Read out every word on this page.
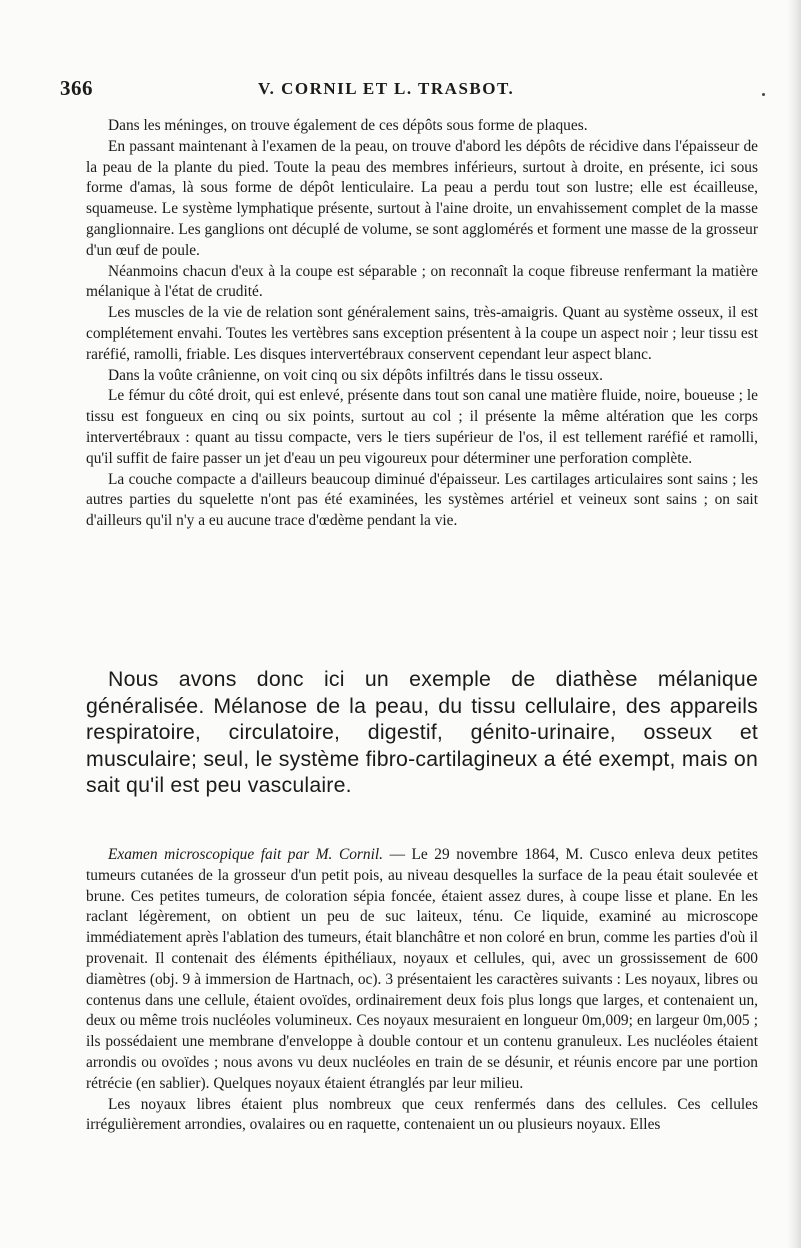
366	V. CORNIL ET L. TRASBOT.

Dans les méninges, on trouve également de ces dépôts sous forme de plaques.

En passant maintenant à l'examen de la peau, on trouve d'abord les dépôts de récidive dans l'épaisseur de la peau de la plante du pied. Toute la peau des membres inférieurs, surtout à droite, en présente, ici sous forme d'amas, là sous forme de dépôt lenticulaire. La peau a perdu tout son lustre; elle est écailleuse, squameuse. Le système lymphatique présente, surtout à l'aine droite, un envahissement complet de la masse ganglionnaire. Les ganglions ont décuplé de volume, se sont agglomérés et forment une masse de la grosseur d'un œuf de poule.

Néanmoins chacun d'eux à la coupe est séparable ; on reconnaît la coque fibreuse renfermant la matière mélanique à l'état de crudité.

Les muscles de la vie de relation sont généralement sains, très-amaigris. Quant au système osseux, il est complétement envahi. Toutes les vertèbres sans exception présentent à la coupe un aspect noir ; leur tissu est raréfié, ramolli, friable. Les disques intervertébraux conservent cependant leur aspect blanc.

Dans la voûte crânienne, on voit cinq ou six dépôts infiltrés dans le tissu osseux.

Le fémur du côté droit, qui est enlevé, présente dans tout son canal une matière fluide, noire, boueuse ; le tissu est fongueux en cinq ou six points, surtout au col ; il présente la même altération que les corps intervertébraux : quant au tissu compacte, vers le tiers supérieur de l'os, il est tellement raréfié et ramolli, qu'il suffit de faire passer un jet d'eau un peu vigoureux pour déterminer une perforation complète.

La couche compacte a d'ailleurs beaucoup diminué d'épaisseur. Les cartilages articulaires sont sains ; les autres parties du squelette n'ont pas été examinées, les systèmes artériel et veineux sont sains ; on sait d'ailleurs qu'il n'y a eu aucune trace d'œdème pendant la vie.

Nous avons donc ici un exemple de diathèse mélanique généralisée. Mélanose de la peau, du tissu cellulaire, des appareils respiratoire, circulatoire, digestif, génito-urinaire, osseux et musculaire; seul, le système fibro-cartilagineux a été exempt, mais on sait qu'il est peu vasculaire.

Examen microscopique fait par M. Cornil. — Le 29 novembre 1864, M. Cusco enleva deux petites tumeurs cutanées de la grosseur d'un petit pois, au niveau desquelles la surface de la peau était soulevée et brune. Ces petites tumeurs, de coloration sépia foncée, étaient assez dures, à coupe lisse et plane. En les raclant légèrement, on obtient un peu de suc laiteux, ténu. Ce liquide, examiné au microscope immédiatement après l'ablation des tumeurs, était blanchâtre et non coloré en brun, comme les parties d'où il provenait. Il contenait des éléments épithéliaux, noyaux et cellules, qui, avec un grossissement de 600 diamètres (obj. 9 à immersion de Hartnach, oc). 3 présentaient les caractères suivants : Les noyaux, libres ou contenus dans une cellule, étaient ovoïdes, ordinairement deux fois plus longs que larges, et contenaient un, deux ou même trois nucléoles volumineux. Ces noyaux mesuraient en longueur 0m,009; en largeur 0m,005 ; ils possédaient une membrane d'enveloppe à double contour et un contenu granuleux. Les nucléoles étaient arrondis ou ovoïdes ; nous avons vu deux nucléoles en train de se désunir, et réunis encore par une portion rétrécie (en sablier). Quelques noyaux étaient étranglés par leur milieu.

Les noyaux libres étaient plus nombreux que ceux renfermés dans des cellules. Ces cellules irrégulièrement arrondies, ovalaires ou en raquette, contenaient un ou plusieurs noyaux. Elles
